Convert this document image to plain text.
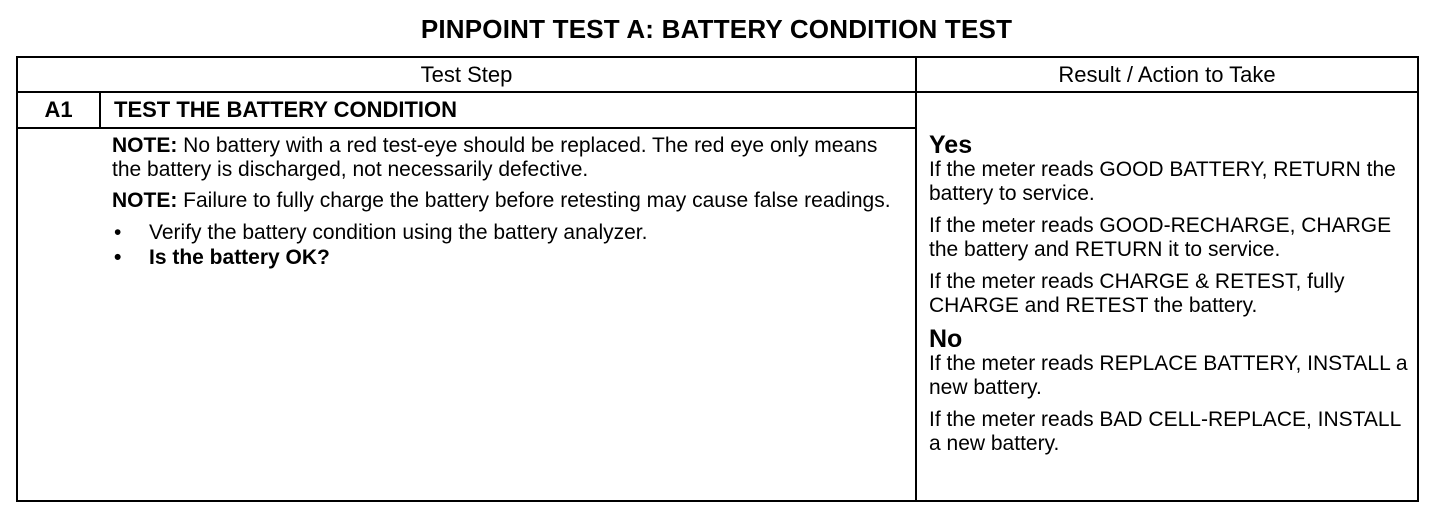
PINPOINT TEST A: BATTERY CONDITION TEST
Test Step	Result / Action to Take
A1	TEST THE BATTERY CONDITION

NOTE: No battery with a red test-eye should be replaced. The red eye only means the battery is discharged, not necessarily defective.

NOTE: Failure to fully charge the battery before retesting may cause false readings.

• Verify the battery condition using the battery analyzer.
• Is the battery OK?
Yes

If the meter reads GOOD BATTERY, RETURN the battery to service.

If the meter reads GOOD-RECHARGE, CHARGE the battery and RETURN it to service.

If the meter reads CHARGE & RETEST, fully CHARGE and RETEST the battery.

No

If the meter reads REPLACE BATTERY, INSTALL a new battery.

If the meter reads BAD CELL-REPLACE, INSTALL a new battery.
